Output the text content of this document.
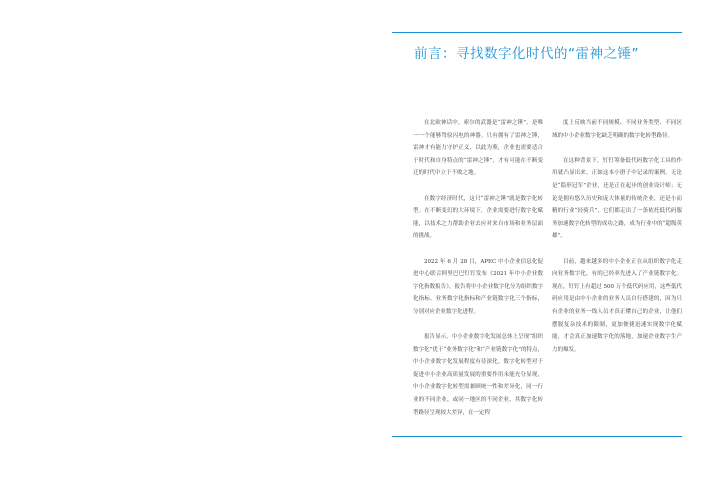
前言：寻找数字化时代的“雷神之锤”

在北欧神话中，索尔的武器是“雷神之锤”，是唯一一个能够驾驭闪电的神器。只有拥有了雷神之锤，雷神才有能力守护正义、以此为鉴，企业也需要适合于时代和自身特点的“雷神之锤”，才有可能在不断变迁的时代中立于不败之地。

在数字经济时代，这只“雷神之锤”就是数字化转型。在不断变幻的大环境下，企业需要进行数字化赋能，以技术之力帮助企业去应对来自市场和业务层面的挑战。

2022 年 6 月 28 日，APEC 中小企业信息化促进中心联合阿里巴巴钉钉发布《2021 年中小企业数字化指数报告》，报告将中小企业数字化分为组织数字化指标、业务数字化指标和产业链数字化三个指标，分别对应企业数字化进程。

报告显示，中小企业数字化发展总体上呈现“组织数字化”优于“业务数字化”和“产业链数字化”的特点，中小企业数字化发展程度有待深化。数字化转型对于促进中小企业高质量发展的重要作用未能充分显现，中小企业数字化转型需兼顾统一性和差异化，同一行业的不同企业，或同一地区的不同企业，其数字化转型路径呈现较大差异，在一定程

度上反映当前不同规模、不同业务类型、不同区域的中小企业数字化缺乏明确的数字化转型路径。

在这种背景下，钉钉筹备低代码数字化工具的作用就凸显出来。正如这本小册子中记录的案例，无论是“隐形冠军”企业，还是正在起步的创业设计师；无论是拥有悠久历史和庞大体量的传统企业，还是小而精的行业“轻骑兵”，它们都走出了一条依托低代码服务加速数字化转型的成功之路，成为行业中的“超级英雄”。

目前，越来越多的中小企业正在从组织数字化走向业务数字化，有的已经率先进入了产业链数字化。现在，钉钉上有超过 500 万个低代码应用，这些低代码应用是由中小企业的业务人员自行搭建的，因为只有企业的业务一线人员才真正懂自己的企业，让他们摆脱复杂技术的限制，更加便捷迅速实现数字化赋能，才会真正加速数字化的落地，加速企业数字生产力的爆发。
